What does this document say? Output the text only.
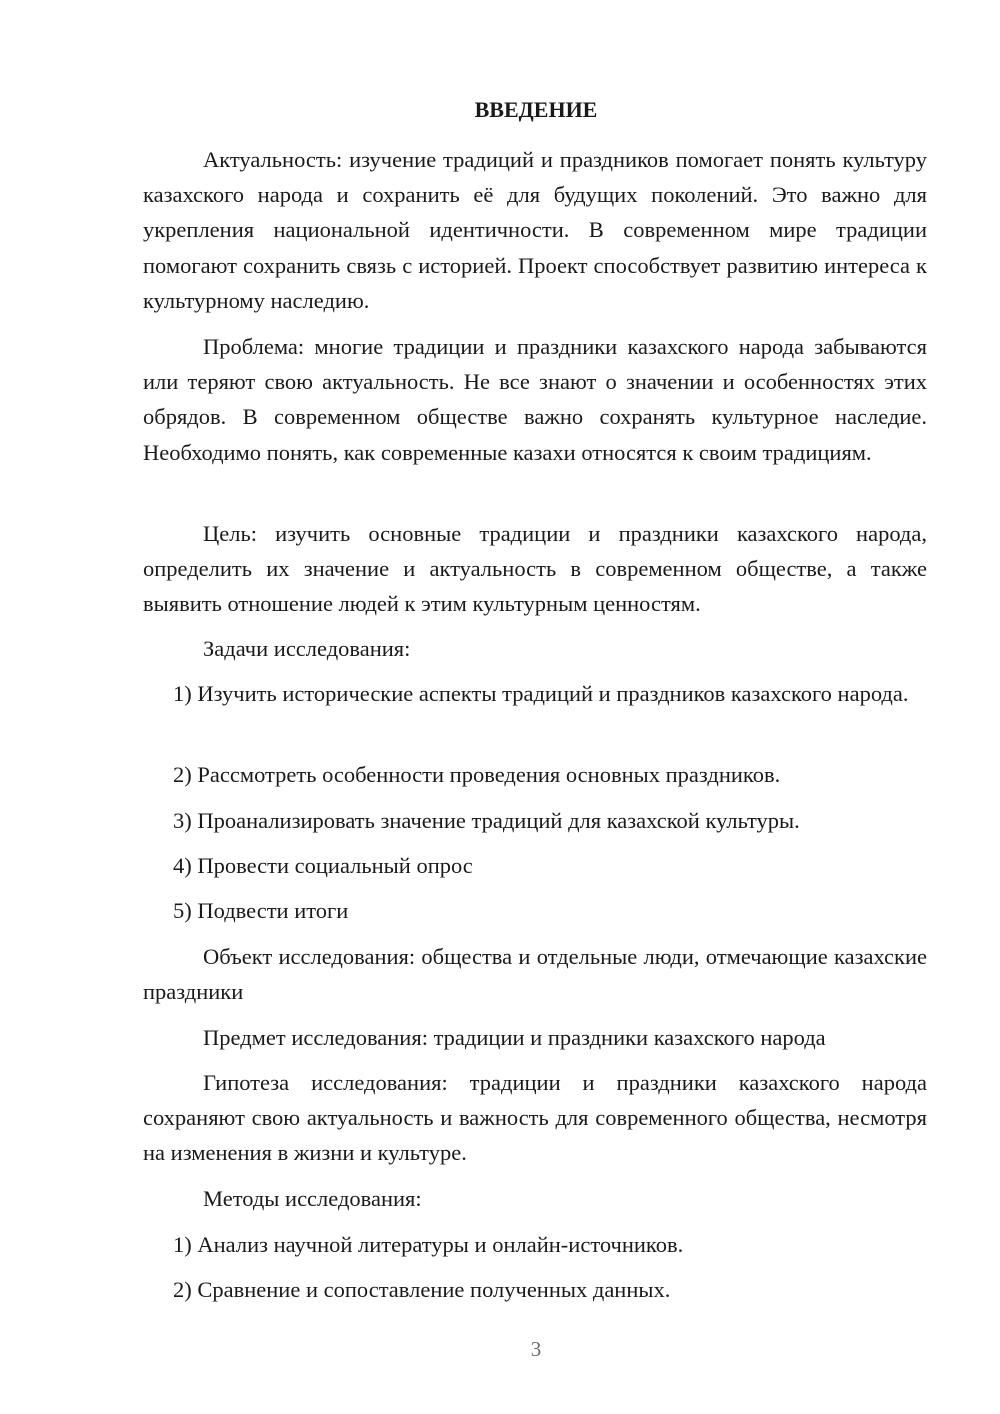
ВВЕДЕНИЕ

Актуальность: изучение традиций и праздников помогает понять культуру казахского народа и сохранить её для будущих поколений. Это важно для укрепления национальной идентичности. В современном мире традиции помогают сохранить связь с историей. Проект способствует развитию интереса к культурному наследию.

Проблема: многие традиции и праздники казахского народа забываются или теряют свою актуальность. Не все знают о значении и особенностях этих обрядов. В современном обществе важно сохранять культурное наследие. Необходимо понять, как современные казахи относятся к своим традициям.

Цель: изучить основные традиции и праздники казахского народа, определить их значение и актуальность в современном обществе, а также выявить отношение людей к этим культурным ценностям.

Задачи исследования:

1) Изучить исторические аспекты традиций и праздников казахского народа.

2) Рассмотреть особенности проведения основных праздников.

3) Проанализировать значение традиций для казахской культуры.

4) Провести социальный опрос

5) Подвести итоги

Объект исследования: общества и отдельные люди, отмечающие казахские праздники

Предмет исследования: традиции и праздники казахского народа

Гипотеза исследования: традиции и праздники казахского народа сохраняют свою актуальность и важность для современного общества, несмотря на изменения в жизни и культуре.

Методы исследования:

1) Анализ научной литературы и онлайн-источников.

2) Сравнение и сопоставление полученных данных.

3
